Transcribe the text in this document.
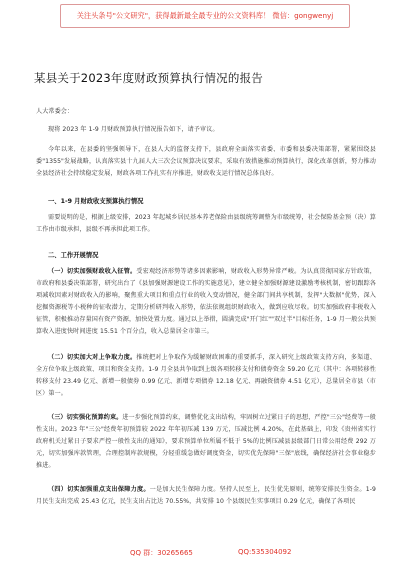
关注头条号"公文研究"，获得最新最全最专业的公文资料库！ 微信：gongwenyj
某县关于2023年度财政预算执行情况的报告
人大常委会：
现将 2023 年 1-9 月财政预算执行情况报告如下，请予审议。
今年以来，在县委的坚强领导下，在县人大的监督支持下，县政府全面落实省委、市委和县委决策部署，紧紧围绕县委"1355"发展战略，认真落实县十九届人大三次会议预算决议要求，采取有效措施推动预算执行，深化改革创新，努力推动全县经济社会持续稳定发展，财政各项工作扎实有序推进，财政收支运行情况总体良好。
一、1-9 月财政收支预算执行情况
需要说明的是，根据上级安排，2023 年起城乡居民基本养老保险由县级统筹调整为市级统筹，社会保险基金预（决）算工作由市级承担，县级不再承担此项工作。
二、工作开展情况
（一）切实加强财政收入征管。受宏观经济形势等诸多因素影响，财政收入形势异常严峻。为认真贯彻国家方针政策，市政府和县委决策部署，研究出台了《县加强财源建设工作的实施意见》，建立健全加强财源建设激励考核机制，密切跟踪各项减收因素对财政收入的影响，聚焦重大项目和重点行业的收入变动情况，健全部门间共享机制，发挥"大数据"优势，深入挖掘资源税等小税种的征收潜力，定期分析研判收入形势，依法依规组织财政收入，做到应收尽收。切实加强政府非税收入征管，积极推动存量国有资产资源，加快处置力度。通过以上举措，圆满完成"开门红""双过半"目标任务，1-9 月一般公共预算收入进度快时间进度 15.51 个百分点，收入总量居全市第三。
（二）切实加大对上争取力度。推统把对上争取作为缓解财政困难的重要抓手，深入研究上级政策支持方向，多渠道、全方位争取上级政策、项目和资金支持。1-9 月全县共争取到上级各项转移支付和债券资金 59.20 亿元（其中：各项转移性转移支付 23.49 亿元、新增一般债券 0.99 亿元、新增专项债券 12.18 亿元、再融资债券 4.51 亿元），总量居全市县（市区）第一。
（三）切实强化预算约束。进一步强化预算约束，调整优化支出结构，牢固树立过紧日子的思想，严控"三公"经费等一般性支出。2023 年"三公"经费年初预算较 2022 年年初压减 139 万元，压减比例 4.20%，在此基础上，印发《贵州省实行政府机关过紧日子要求严控一般性支出的通知》，要求预算单位所属不低于 5%的比例压减县县级部门日常公用经费 292 万元，切实加强库款管理，合理控制库款规模，分轻重缓急做好调度资金，切实优先保障"三保"底线，确保经济社会事业稳步推进。
（四）切实加强重点支出保障力度。一是加大民生保障力度。坚持人民至上，民生优先原则，统筹安排民生资金。1-9 月民生支出完成 25.43 亿元，民生支出占比达 70.55%，共安排 10 个县级民生实事项目 0.29 亿元，确保了各项民
QQ 群：30265665	QQ:535304092
